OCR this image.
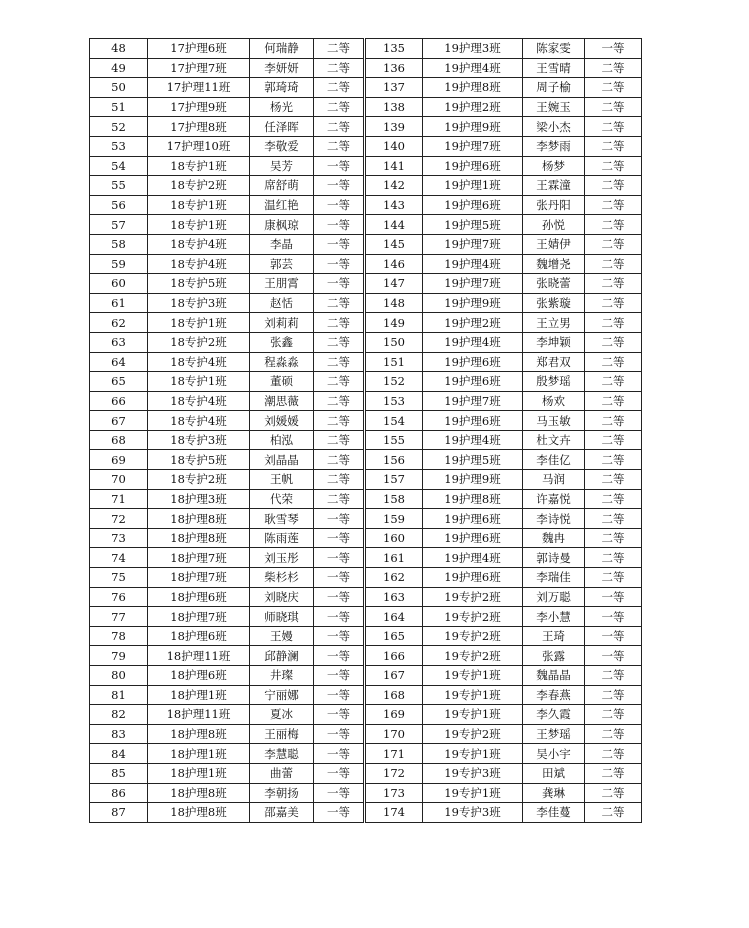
48	17护理6班	何瑞静	二等	135	19护理3班	陈家雯	一等
49	17护理7班	李妍妍	二等	136	19护理4班	王雪晴	二等
50	17护理11班	郭琦琦	二等	137	19护理8班	周子榆	二等
51	17护理9班	杨光	二等	138	19护理2班	王婉玉	二等
52	17护理8班	任泽晖	二等	139	19护理9班	梁小杰	二等
53	17护理10班	李敬爱	二等	140	19护理7班	李梦雨	二等
54	18专护1班	吴芳	一等	141	19护理6班	杨梦	二等
55	18专护2班	席舒萌	一等	142	19护理1班	王霖潼	二等
56	18专护1班	温红艳	一等	143	19护理6班	张丹阳	二等
57	18专护1班	康枫琼	一等	144	19护理5班	孙悦	二等
58	18专护4班	李晶	一等	145	19护理7班	王婧伊	二等
59	18专护4班	郭芸	一等	146	19护理4班	魏增尧	二等
60	18专护5班	王朋霄	一等	147	19护理7班	张晓蕾	二等
61	18专护3班	赵恬	二等	148	19护理9班	张紫璇	二等
62	18专护1班	刘莉莉	二等	149	19护理2班	王立男	二等
63	18专护2班	张鑫	二等	150	19护理4班	李坤颖	二等
64	18专护4班	程淼淼	二等	151	19护理6班	郑君双	二等
65	18专护1班	董硕	二等	152	19护理6班	殷梦瑶	二等
66	18专护4班	潮思薇	二等	153	19护理7班	杨欢	二等
67	18专护4班	刘媛媛	二等	154	19护理6班	马玉敏	二等
68	18专护3班	柏泓	二等	155	19护理4班	杜文卉	二等
69	18专护5班	刘晶晶	二等	156	19护理5班	李佳亿	二等
70	18专护2班	王帆	二等	157	19护理9班	马润	二等
71	18护理3班	代荣	二等	158	19护理8班	许嘉悦	二等
72	18护理8班	耿雪琴	一等	159	19护理6班	李诗悦	二等
73	18护理8班	陈雨莲	一等	160	19护理6班	魏冉	二等
74	18护理7班	刘玉彤	一等	161	19护理4班	郭诗曼	二等
75	18护理7班	柴杉杉	一等	162	19护理6班	李瑞佳	二等
76	18护理6班	刘晓庆	一等	163	19专护2班	刘万聪	一等
77	18护理7班	师晓琪	一等	164	19专护2班	李小慧	一等
78	18护理6班	王嫚	一等	165	19专护2班	王琦	一等
79	18护理11班	邱静澜	一等	166	19专护2班	张露	一等
80	18护理6班	井璨	一等	167	19专护1班	魏晶晶	二等
81	18护理1班	宁丽娜	一等	168	19专护1班	李春燕	二等
82	18护理11班	夏冰	一等	169	19专护1班	李久霞	二等
83	18护理8班	王丽梅	一等	170	19专护2班	王梦瑶	二等
84	18护理1班	李慧聪	一等	171	19专护1班	吴小宇	二等
85	18护理1班	曲蕾	一等	172	19专护3班	田斌	二等
86	18护理8班	李朝扬	一等	173	19专护1班	龚琳	二等
87	18护理8班	邵嘉美	一等	174	19专护3班	李佳蔓	二等
